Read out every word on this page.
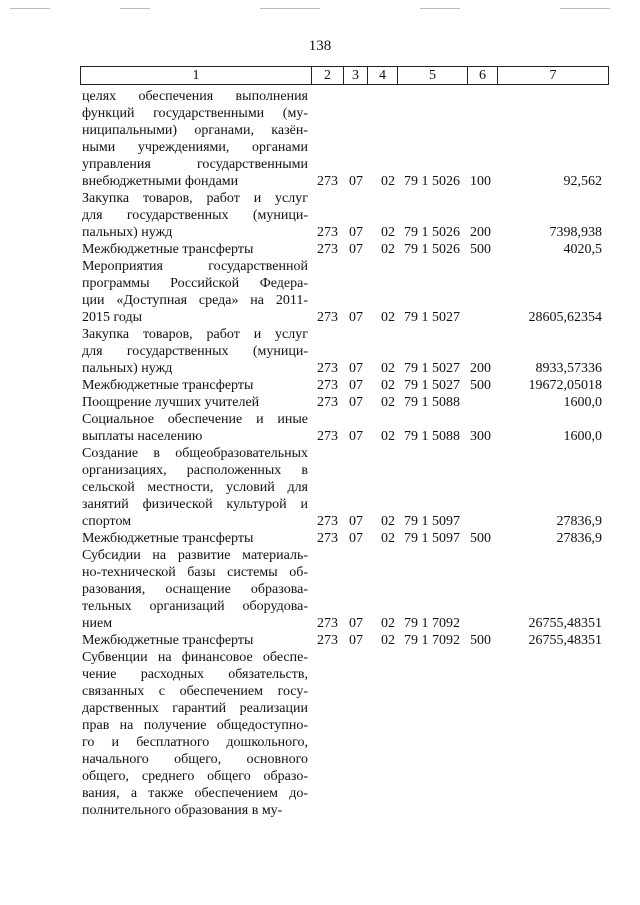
138
1	2	3	4	5	6	7
целях обеспечения выполнения
функций государственными (му-
ниципальными) органами, казён-
ными учреждениями, органами
управления государственными
внебюджетными фондами	273 07 02 79 1 5026 100	92,562
Закупка товаров, работ и услуг
для государственных (муници-
пальных) нужд	273 07 02 79 1 5026 200	7398,938
Межбюджетные трансферты	273 07 02 79 1 5026 500	4020,5
Мероприятия государственной
программы Российской Федера-
ции «Доступная среда» на 2011-
2015 годы	273 07 02 79 1 5027	28605,62354
Закупка товаров, работ и услуг
для государственных (муници-
пальных) нужд	273 07 02 79 1 5027 200	8933,57336
Межбюджетные трансферты	273 07 02 79 1 5027 500	19672,05018
Поощрение лучших учителей	273 07 02 79 1 5088	1600,0
Социальное обеспечение и иные
выплаты населению	273 07 02 79 1 5088 300	1600,0
Создание в общеобразовательных
организациях, расположенных в
сельской местности, условий для
занятий физической культурой и
спортом	273 07 02 79 1 5097	27836,9
Межбюджетные трансферты	273 07 02 79 1 5097 500	27836,9
Субсидии на развитие материаль-
но-технической базы системы об-
разования, оснащение образова-
тельных организаций оборудова-
нием	273 07 02 79 1 7092	26755,48351
Межбюджетные трансферты	273 07 02 79 1 7092 500	26755,48351
Субвенции на финансовое обеспе-
чение расходных обязательств,
связанных с обеспечением госу-
дарственных гарантий реализации
прав на получение общедоступно-
го и бесплатного дошкольного,
начального общего, основного
общего, среднего общего образо-
вания, а также обеспечением до-
полнительного образования в му-
